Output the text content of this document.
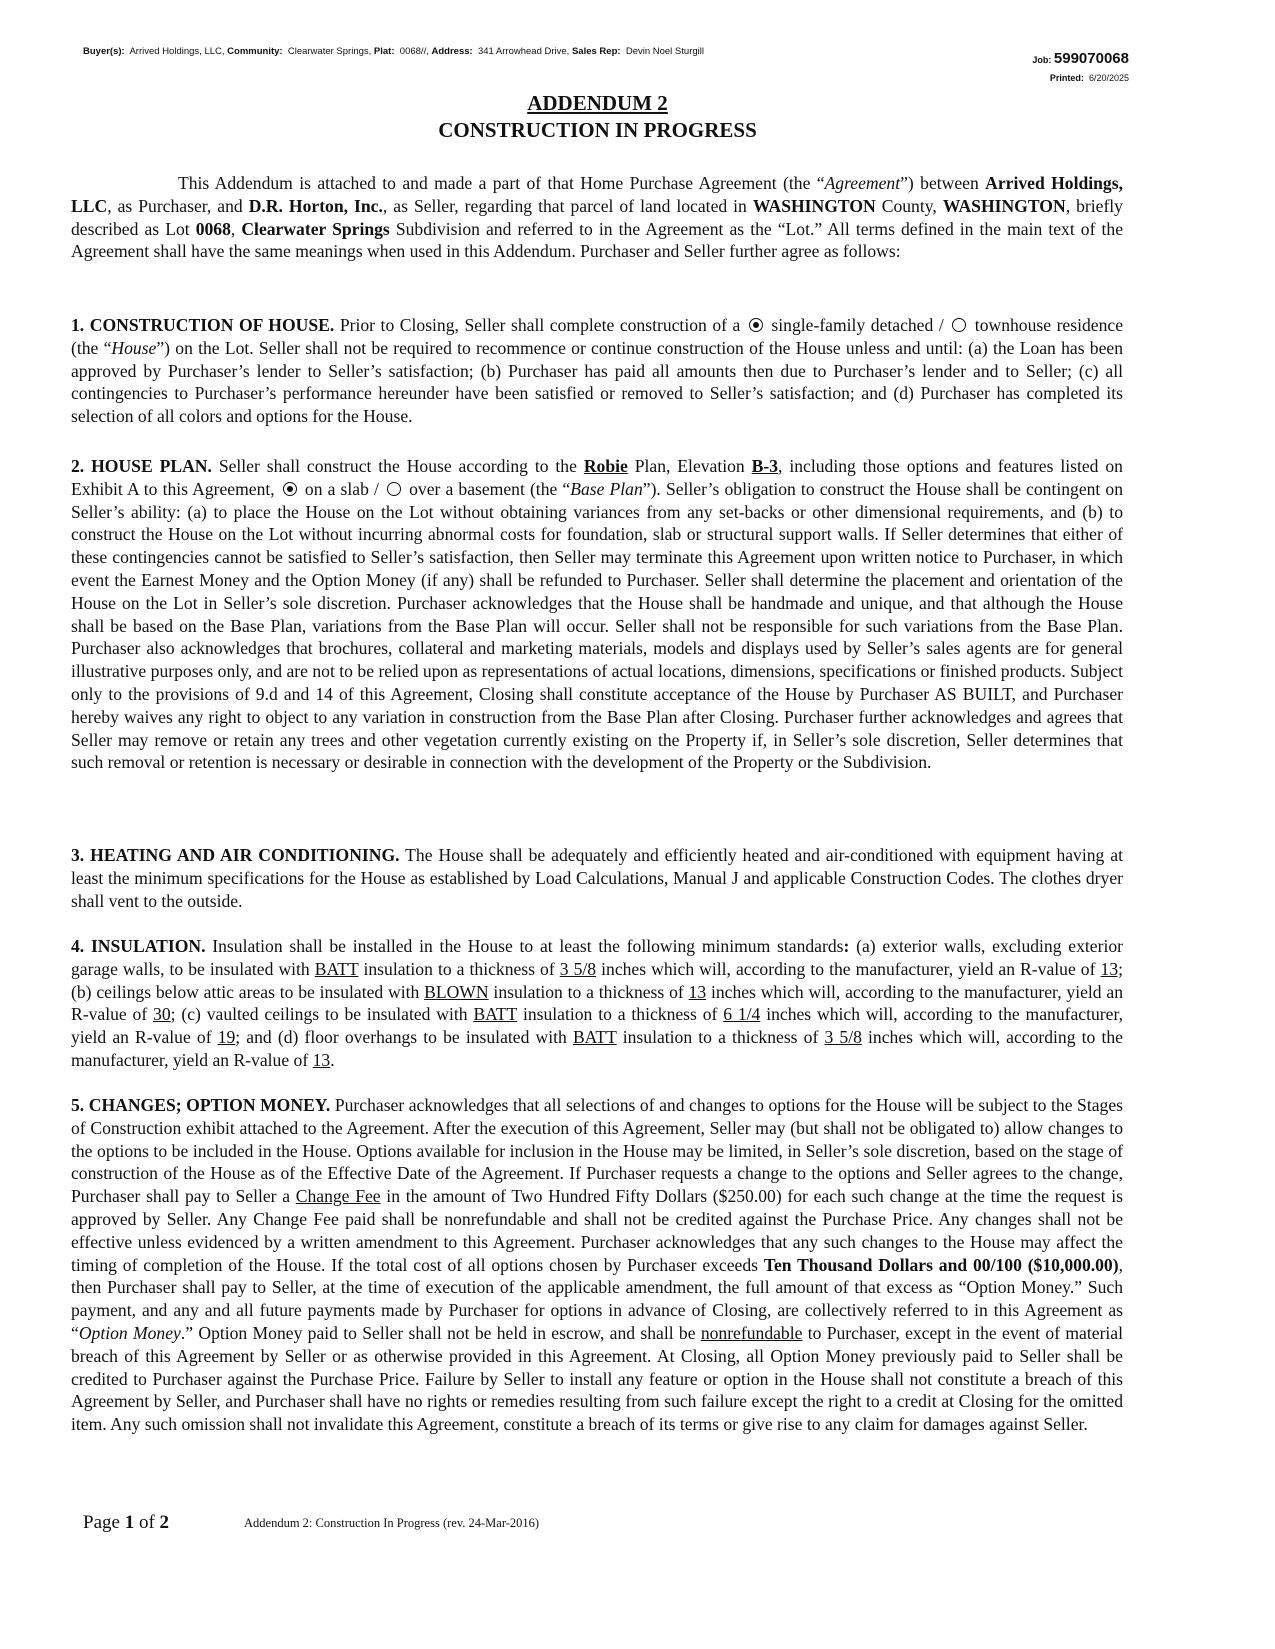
Buyer(s): Arrived Holdings, LLC, Community: Clearwater Springs, Plat: 0068//, Address: 341 Arrowhead Drive, Sales Rep: Devin Noel Sturgill
Job: 599070068
Printed: 6/20/2025
ADDENDUM 2
CONSTRUCTION IN PROGRESS
This Addendum is attached to and made a part of that Home Purchase Agreement (the “Agreement”) between Arrived Holdings, LLC, as Purchaser, and D.R. Horton, Inc., as Seller, regarding that parcel of land located in WASHINGTON County, WASHINGTON, briefly described as Lot 0068, Clearwater Springs Subdivision and referred to in the Agreement as the “Lot.” All terms defined in the main text of the Agreement shall have the same meanings when used in this Addendum. Purchaser and Seller further agree as follows:
1. CONSTRUCTION OF HOUSE. Prior to Closing, Seller shall complete construction of a  single-family detached /  townhouse residence (the “House”) on the Lot. Seller shall not be required to recommence or continue construction of the House unless and until: (a) the Loan has been approved by Purchaser’s lender to Seller’s satisfaction; (b) Purchaser has paid all amounts then due to Purchaser’s lender and to Seller; (c) all contingencies to Purchaser’s performance hereunder have been satisfied or removed to Seller’s satisfaction; and (d) Purchaser has completed its selection of all colors and options for the House.
2. HOUSE PLAN. Seller shall construct the House according to the Robie Plan, Elevation B-3, including those options and features listed on Exhibit A to this Agreement,  on a slab /  over a basement (the “Base Plan”). Seller’s obligation to construct the House shall be contingent on Seller’s ability: (a) to place the House on the Lot without obtaining variances from any set-backs or other dimensional requirements, and (b) to construct the House on the Lot without incurring abnormal costs for foundation, slab or structural support walls. If Seller determines that either of these contingencies cannot be satisfied to Seller’s satisfaction, then Seller may terminate this Agreement upon written notice to Purchaser, in which event the Earnest Money and the Option Money (if any) shall be refunded to Purchaser. Seller shall determine the placement and orientation of the House on the Lot in Seller’s sole discretion. Purchaser acknowledges that the House shall be handmade and unique, and that although the House shall be based on the Base Plan, variations from the Base Plan will occur. Seller shall not be responsible for such variations from the Base Plan. Purchaser also acknowledges that brochures, collateral and marketing materials, models and displays used by Seller’s sales agents are for general illustrative purposes only, and are not to be relied upon as representations of actual locations, dimensions, specifications or finished products. Subject only to the provisions of 9.d and 14 of this Agreement, Closing shall constitute acceptance of the House by Purchaser AS BUILT, and Purchaser hereby waives any right to object to any variation in construction from the Base Plan after Closing. Purchaser further acknowledges and agrees that Seller may remove or retain any trees and other vegetation currently existing on the Property if, in Seller’s sole discretion, Seller determines that such removal or retention is necessary or desirable in connection with the development of the Property or the Subdivision.
3. HEATING AND AIR CONDITIONING. The House shall be adequately and efficiently heated and air-conditioned with equipment having at least the minimum specifications for the House as established by Load Calculations, Manual J and applicable Construction Codes. The clothes dryer shall vent to the outside.
4. INSULATION. Insulation shall be installed in the House to at least the following minimum standards: (a) exterior walls, excluding exterior garage walls, to be insulated with BATT insulation to a thickness of 3 5/8 inches which will, according to the manufacturer, yield an R-value of 13; (b) ceilings below attic areas to be insulated with BLOWN insulation to a thickness of 13 inches which will, according to the manufacturer, yield an R-value of 30; (c) vaulted ceilings to be insulated with BATT insulation to a thickness of 6 1/4 inches which will, according to the manufacturer, yield an R-value of 19; and (d) floor overhangs to be insulated with BATT insulation to a thickness of 3 5/8 inches which will, according to the manufacturer, yield an R-value of 13.
5. CHANGES; OPTION MONEY. Purchaser acknowledges that all selections of and changes to options for the House will be subject to the Stages of Construction exhibit attached to the Agreement. After the execution of this Agreement, Seller may (but shall not be obligated to) allow changes to the options to be included in the House. Options available for inclusion in the House may be limited, in Seller’s sole discretion, based on the stage of construction of the House as of the Effective Date of the Agreement. If Purchaser requests a change to the options and Seller agrees to the change, Purchaser shall pay to Seller a Change Fee in the amount of Two Hundred Fifty Dollars ($250.00) for each such change at the time the request is approved by Seller. Any Change Fee paid shall be nonrefundable and shall not be credited against the Purchase Price. Any changes shall not be effective unless evidenced by a written amendment to this Agreement. Purchaser acknowledges that any such changes to the House may affect the timing of completion of the House. If the total cost of all options chosen by Purchaser exceeds Ten Thousand Dollars and 00/100 ($10,000.00), then Purchaser shall pay to Seller, at the time of execution of the applicable amendment, the full amount of that excess as “Option Money.” Such payment, and any and all future payments made by Purchaser for options in advance of Closing, are collectively referred to in this Agreement as “Option Money.” Option Money paid to Seller shall not be held in escrow, and shall be nonrefundable to Purchaser, except in the event of material breach of this Agreement by Seller or as otherwise provided in this Agreement. At Closing, all Option Money previously paid to Seller shall be credited to Purchaser against the Purchase Price. Failure by Seller to install any feature or option in the House shall not constitute a breach of this Agreement by Seller, and Purchaser shall have no rights or remedies resulting from such failure except the right to a credit at Closing for the omitted item. Any such omission shall not invalidate this Agreement, constitute a breach of its terms or give rise to any claim for damages against Seller.
Page 1 of 2	Addendum 2: Construction In Progress (rev. 24-Mar-2016)
